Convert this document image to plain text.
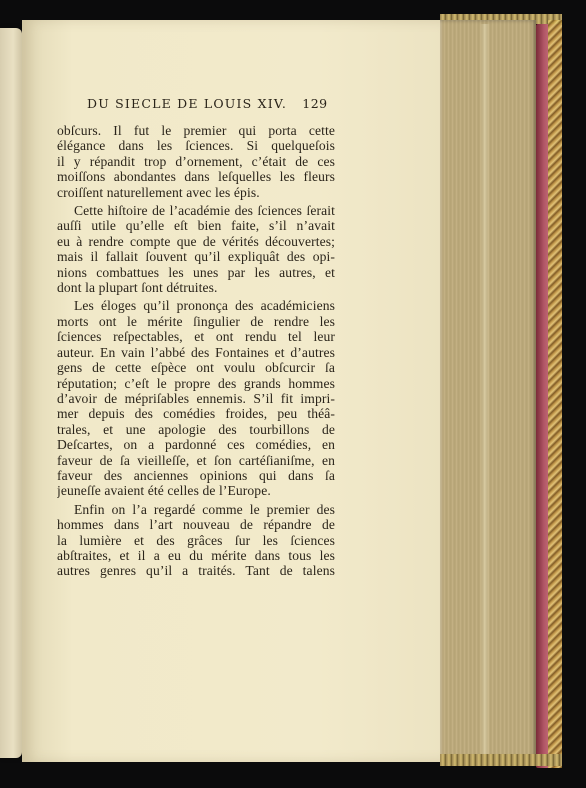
DU SIECLE DE LOUIS XIV. 129
obſcurs. Il fut le premier qui porta cette
élégance dans les ſciences. Si quelqueſois
il y répandit trop d’ornement, c’était de ces
moiſſons abondantes dans leſquelles les fleurs
croiſſent naturellement avec les épis.
Cette hiſtoire de l’académie des ſciences ſerait
auſſi utile qu’elle eſt bien faite, s’il n’avait
eu à rendre compte que de vérités découvertes;
mais il fallait ſouvent qu’il expliquât des opi-
nions combattues les unes par les autres, et
dont la plupart ſont détruites.
Les éloges qu’il prononça des académiciens
morts ont le mérite ſingulier de rendre les
ſciences reſpectables, et ont rendu tel leur
auteur. En vain l’abbé des Fontaines et d’autres
gens de cette eſpèce ont voulu obſcurcir ſa
réputation; c’eſt le propre des grands hommes
d’avoir de mépriſables ennemis. S’il fit impri-
mer depuis des comédies froides, peu théâ-
trales, et une apologie des tourbillons de
Deſcartes, on a pardonné ces comédies, en
faveur de ſa vieilleſſe, et ſon cartéſianiſme, en
faveur des anciennes opinions qui dans ſa
jeuneſſe avaient été celles de l’Europe.
Enfin on l’a regardé comme le premier des
hommes dans l’art nouveau de répandre de
la lumière et des grâces ſur les ſciences
abſtraites, et il a eu du mérite dans tous les
autres genres qu’il a traités. Tant de talens
